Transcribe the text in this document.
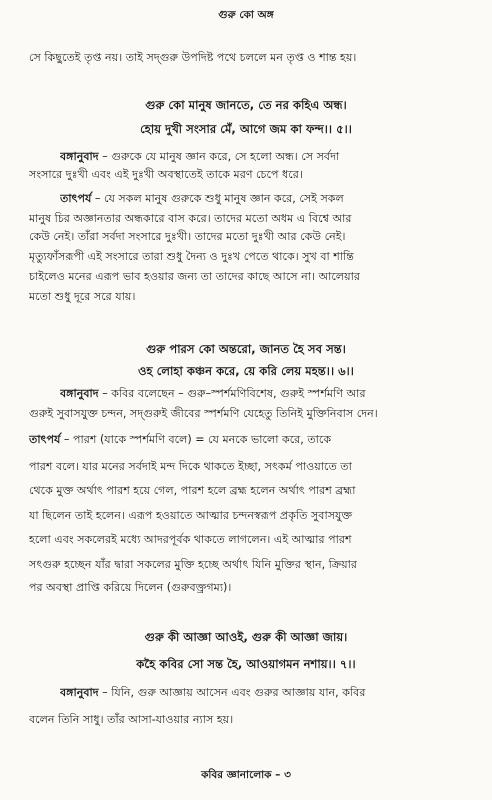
গুরু কো অঙ্গ
সে কিছুতেই তৃপ্ত নয়। তাই সদ্‌গুরু উপদিষ্ট পথে চললে মন তৃপ্ত ও শান্ত হয়।
গুরু কো মানুষ জানতে, তে নর কহিএ অন্ধ।
হোয় দুখী সংসার মেঁ, আগে জম কা ফন্দ।। ৫।।
বঙ্গানুবাদ – গুরুকে যে মানুষ জ্ঞান করে, সে হলো অন্ধ। সে সর্বদা
সংসারে দুঃখী এবং এই দুঃখী অবস্থাতেই তাকে মরণ চেপে ধরে।
তাৎপর্য – যে সকল মানুষ গুরুকে শুধু মানুষ জ্ঞান করে, সেই সকল
মানুষ চির অজ্ঞানতার অন্ধকারে বাস করে। তাদের মতো অধম এ বিশ্বে আর
কেউ নেই। তাঁরা সর্বদা সংসারে দুঃখী। তাদের মতো দুঃখী আর কেউ নেই।
মৃত্যুফাঁসরূপী এই সংসারে তারা শুধু দৈন্য ও দুঃখ পেতে থাকে। সুখ বা শান্তি
চাইলেও মনের এরূপ ভাব হওয়ার জন্য তা তাদের কাছে আসে না। আলেয়ার
মতো শুধু দূরে সরে যায়।
গুরু পারস কো অন্তরো, জানত হৈ সব সন্ত।
ওহ লোহা কঞ্চন করে, য়ে করি লেয় মহন্ত।। ৬।।
বঙ্গানুবাদ – কবির বলেছেন – গুরু–স্পর্শমণিবিশেষ, গুরুই স্পর্শমণি আর
গুরুই সুবাসযুক্ত চন্দন, সদ্‌গুরুই জীবের স্পর্শমণি যেহেতু তিনিই মুক্তিনিবাস দেন।
তাৎপর্য – পারশ (যাকে স্পর্শমণি বলে) = যে মনকে ভালো করে, তাকে
পারশ বলে। যার মনের সর্বদাই মন্দ দিকে থাকতে ইচ্ছা, সৎকর্ম পাওয়াতে তা
থেকে মুক্ত অর্থাৎ পারশ হয়ে গেল, পারশ হলে ব্রহ্ম হলেন অর্থাৎ পারশ ব্রহ্মা
যা ছিলেন তাই হলেন। এরূপ হওয়াতে আত্মার চন্দনস্বরূপ প্রকৃতি সুবাসযুক্ত
হলো এবং সকলেরই মধ্যে আদরপূর্বক থাকতে লাগলেন। এই আত্মার পারশ
সৎগুরু হচ্ছেন যাঁর দ্বারা সকলের মুক্তি হচ্ছে অর্থাৎ যিনি মুক্তির স্থান, ক্রিয়ার
পর অবস্থা প্রাপ্তি করিয়ে দিলেন (গুরুবক্ত্রগম্য)।
গুরু কী আজ্ঞা আওই, গুরু কী আজ্ঞা জায়।
কহৈ কবির সো সন্ত হৈ, আওয়াগমন নশায়।। ৭।।
বঙ্গানুবাদ – যিনি, গুরু আজ্ঞায় আসেন এবং গুরুর আজ্ঞায় যান, কবির
বলেন তিনি সাধু। তাঁর আসা-যাওয়ার ন্যাস হয়।
কবির জ্ঞানালোক – ৩
